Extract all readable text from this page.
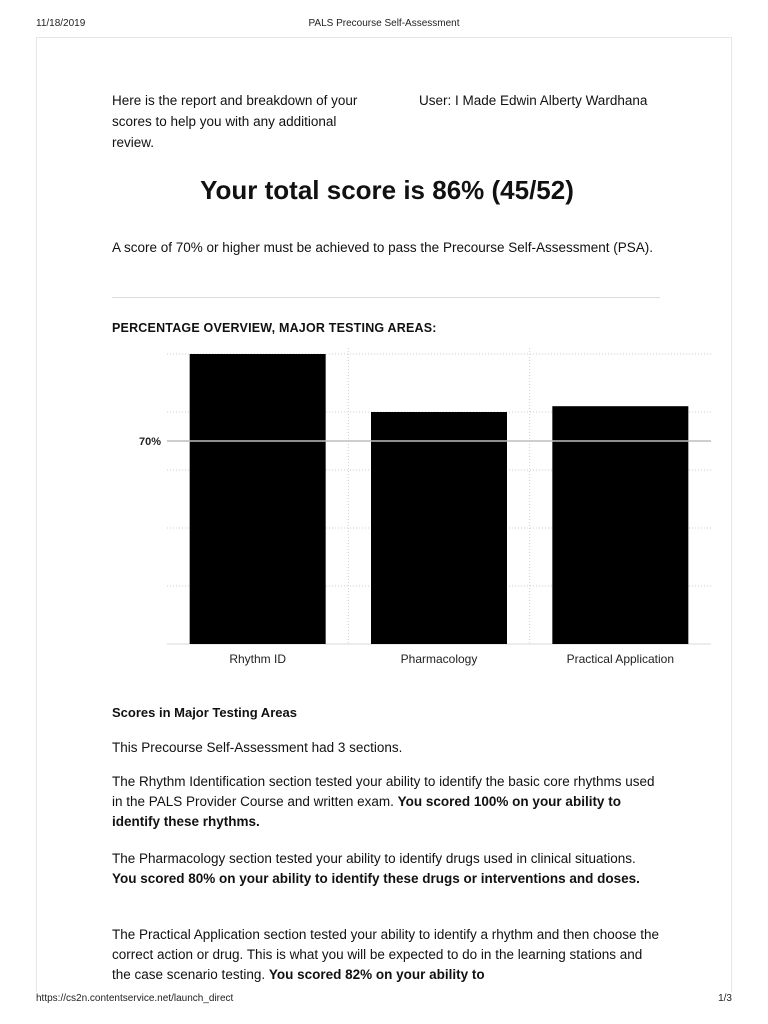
11/18/2019	PALS Precourse Self-Assessment
Here is the report and breakdown of your scores to help you with any additional review.
User: I Made Edwin Alberty Wardhana
Your total score is 86% (45/52)
A score of 70% or higher must be achieved to pass the Precourse Self-Assessment (PSA).
PERCENTAGE OVERVIEW, MAJOR TESTING AREAS:
Scores in Major Testing Areas
This Precourse Self-Assessment had 3 sections.
The Rhythm Identification section tested your ability to identify the basic core rhythms used in the PALS Provider Course and written exam. You scored 100% on your ability to identify these rhythms.
The Pharmacology section tested your ability to identify drugs used in clinical situations. You scored 80% on your ability to identify these drugs or interventions and doses.
The Practical Application section tested your ability to identify a rhythm and then choose the correct action or drug. This is what you will be expected to do in the learning stations and the case scenario testing. You scored 82% on your ability to
Rhythm ID	Pharmacology	Practical Application
70%
https://cs2n.contentservice.net/launch_direct	1/3
